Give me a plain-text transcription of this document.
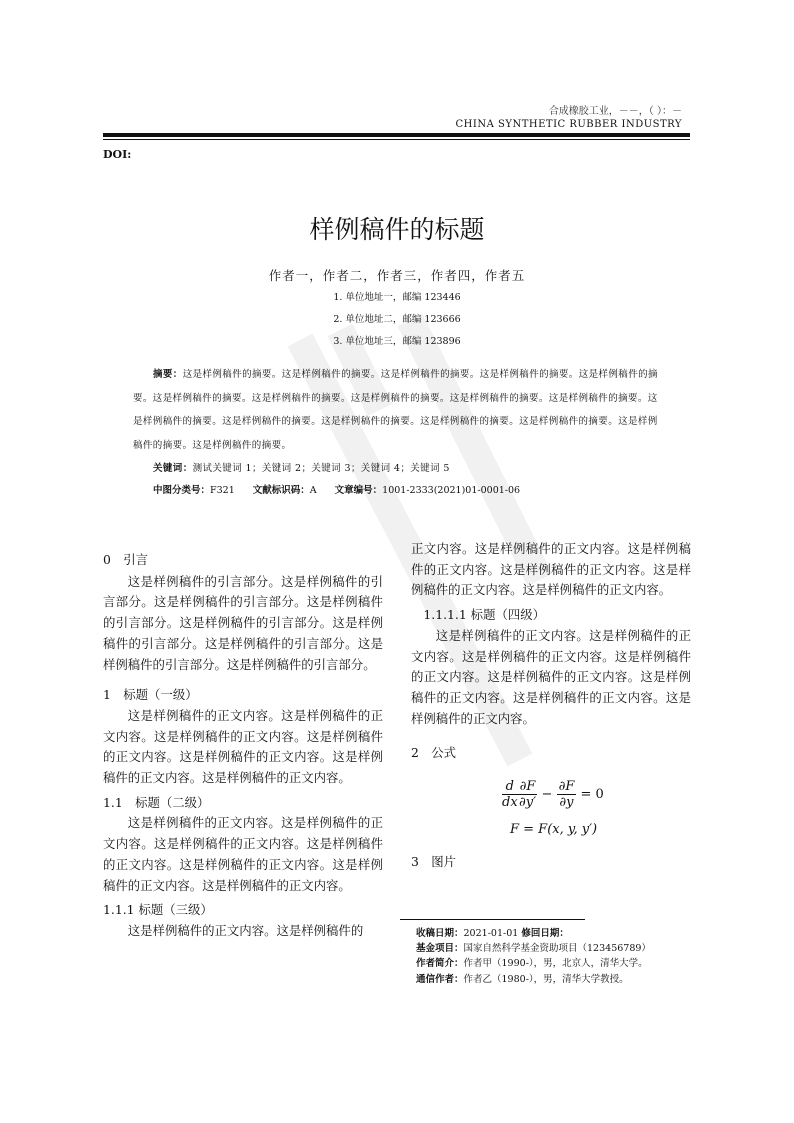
合成橡胶工业，－－，（ ）：－
CHINA SYNTHETIC RUBBER INDUSTRY
DOI:
样例稿件的标题
作者一，作者二，作者三，作者四，作者五
1. 单位地址一，邮编 123446
2. 单位地址二，邮编 123666
3. 单位地址三，邮编 123896
摘要：这是样例稿件的摘要。这是样例稿件的摘要。这是样例稿件的摘要。这是样例稿件的摘要。这是样例稿件的摘要。这是样例稿件的摘要。这是样例稿件的摘要。这是样例稿件的摘要。这是样例稿件的摘要。这是样例稿件的摘要。这是样例稿件的摘要。这是样例稿件的摘要。这是样例稿件的摘要。这是样例稿件的摘要。这是样例稿件的摘要。这是样例稿件的摘要。这是样例稿件的摘要。
关键词：测试关键词 1；关键词 2；关键词 3；关键词 4；关键词 5
中图分类号：F321 文献标识码：A 文章编号：1001-2333(2021)01-0001-06
0　引言

这是样例稿件的引言部分。这是样例稿件的引言部分。这是样例稿件的引言部分。这是样例稿件的引言部分。这是样例稿件的引言部分。这是样例稿件的引言部分。这是样例稿件的引言部分。这是样例稿件的引言部分。这是样例稿件的引言部分。

1　标题（一级）

这是样例稿件的正文内容。这是样例稿件的正文内容。这是样例稿件的正文内容。这是样例稿件的正文内容。这是样例稿件的正文内容。这是样例稿件的正文内容。这是样例稿件的正文内容。

1.1　标题（二级）

这是样例稿件的正文内容。这是样例稿件的正文内容。这是样例稿件的正文内容。这是样例稿件的正文内容。这是样例稿件的正文内容。这是样例稿件的正文内容。这是样例稿件的正文内容。

1.1.1 标题（三级）

这是样例稿件的正文内容。这是样例稿件的

正文内容。这是样例稿件的正文内容。这是样例稿件的正文内容。这是样例稿件的正文内容。这是样例稿件的正文内容。这是样例稿件的正文内容。

　1.1.1.1 标题（四级）

这是样例稿件的正文内容。这是样例稿件的正文内容。这是样例稿件的正文内容。这是样例稿件的正文内容。这是样例稿件的正文内容。这是样例稿件的正文内容。这是样例稿件的正文内容。这是样例稿件的正文内容。

2　公式
$\frac{d}{dx} \frac{\partial F}{\partial y'} - \frac{\partial F}{\partial y} = 0$
F = F(x, y, y′)
3　图片
收稿日期：2021-01-01 修回日期：
基金项目：国家自然科学基金资助项目（123456789）
作者简介：作者甲（1990-），男，北京人，清华大学。
通信作者：作者乙（1980-），男，清华大学教授。
